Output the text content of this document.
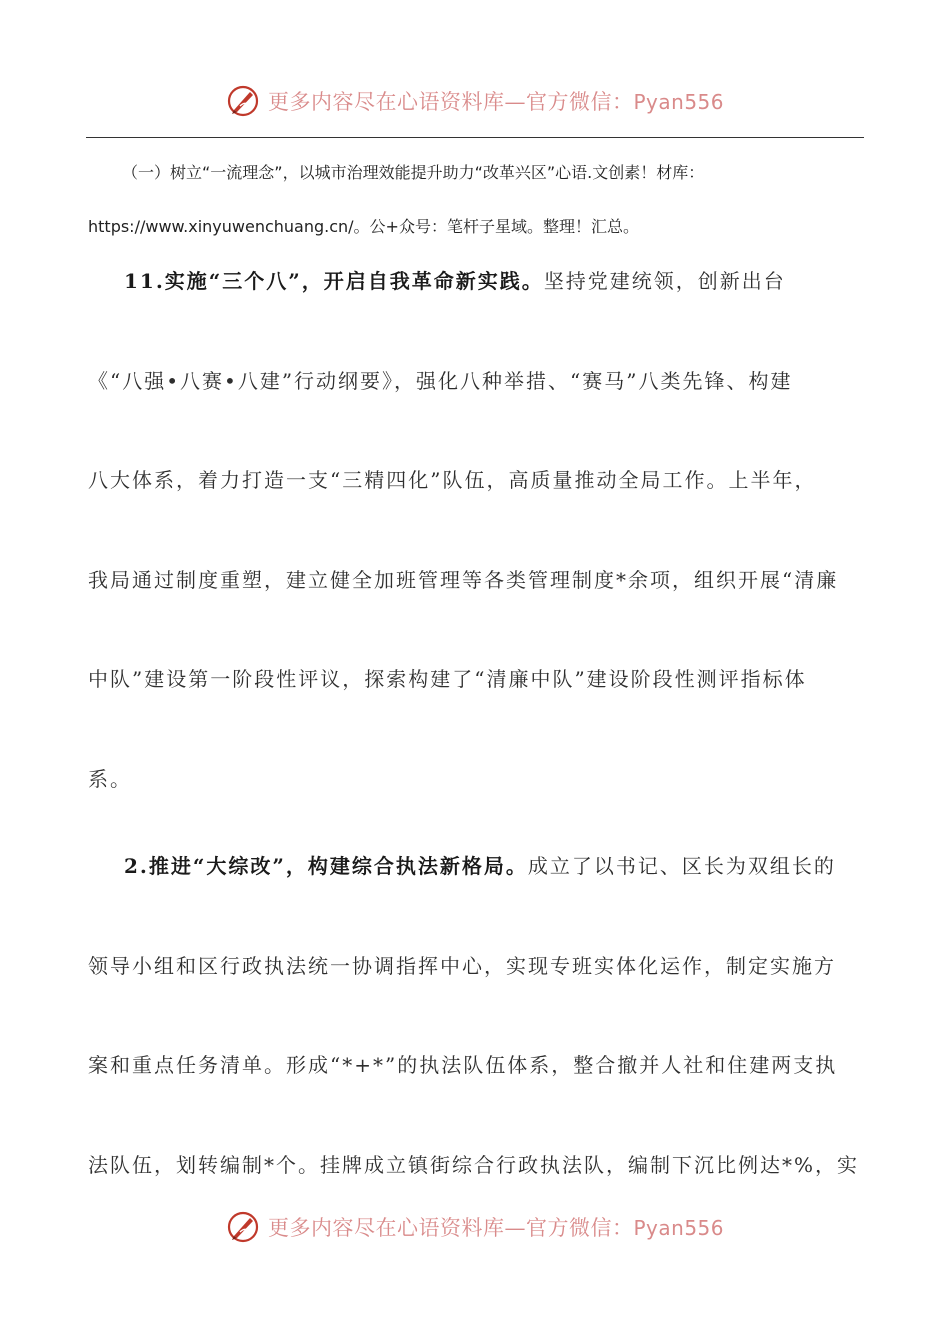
更多内容尽在心语资料库—官方微信：Pyan556
（一）树立“一流理念”，以城市治理效能提升助力“改革兴区”心语.文创素！材库：
https://www.xinyuwenchuang.cn/。公+众号：笔杆子星域。整理！汇总。
11.实施“三个八”，开启自我革命新实践。坚持党建统领，创新出台
《“八强•八赛•八建”行动纲要》，强化八种举措、“赛马”八类先锋、构建
八大体系，着力打造一支“三精四化”队伍，高质量推动全局工作。上半年，
我局通过制度重塑，建立健全加班管理等各类管理制度*余项，组织开展“清廉
中队”建设第一阶段性评议，探索构建了“清廉中队”建设阶段性测评指标体
系。
2.推进“大综改”，构建综合执法新格局。成立了以书记、区长为双组长的
领导小组和区行政执法统一协调指挥中心，实现专班实体化运作，制定实施方
案和重点任务清单。形成“*+*”的执法队伍体系，整合撤并人社和住建两支执
法队伍，划转编制*个。挂牌成立镇街综合行政执法队，编制下沉比例达*%，实
更多内容尽在心语资料库—官方微信：Pyan556
